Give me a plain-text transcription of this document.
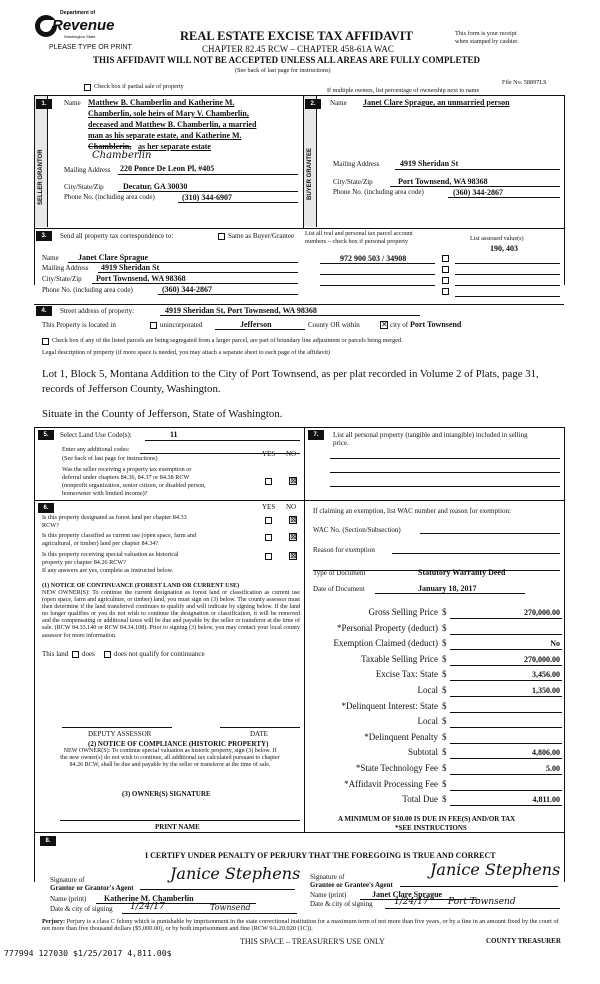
Department of
Revenue
Washington State
PLEASE TYPE OR PRINT
REAL ESTATE EXCISE TAX AFFIDAVIT
CHAPTER 82.45 RCW – CHAPTER 458-61A WAC
THIS AFFIDAVIT WILL NOT BE ACCEPTED UNLESS ALL AREAS ARE FULLY COMPLETED
(See back of last page for instructions)
This form is your receipt
when stamped by cashier.
File No. 58897LS
Check box if partial sale of property
If multiple owners, list percentage of ownership next to name
1.
SELLER GRANTOR
Name Matthew B. Chamberlin and Katherine M.
Chamberlin, sole heirs of Mary V. Chamberlin,
deceased and Matthew B. Chamberlin, a married
man as his separate estate, and Katherine M.
Chamblerin, as her separate estate
Chamberlin
Mailing Address 220 Ponce De Leon Pl, #405
City/State/Zip Decatur, GA 30030
Phone No. (including area code)	(310) 344-6907
2.
BUYER GRANTEE
Name Janet Clare Sprague, an unmarried person
Mailing Address	4919 Sheridan St
City/State/Zip	Port Townsend, WA 98368
Phone No. (including area code)	(360) 344-2867
3.	Send all property tax correspondence to:	Same as Buyer/Grantee List all real and personal tax parcel account
numbers – check box if personal property	List assessed value(s)
Name Janet Clare Sprague
Mailing Address 4919 Sheridan St
City/State/Zip Port Townsend, WA 98368
Phone No. (including area code)	(360) 344-2867
972 900 503 / 34908
190, 403
4.	Street address of property:	4919 Sheridan St, Port Townsend, WA 98368
This Property is located in	unincorporated	Jefferson	County OR within	✕ city of Port Townsend
Check box if any of the listed parcels are being segregated from a larger parcel, are part of boundary line adjustment or parcels being merged.
Legal description of property (if more space is needed, you may attach a separate sheet to each page of the affidavit)
Lot 1, Block 5, Montana Addition to the City of Port Townsend, as per plat recorded in Volume 2 of Plats, page 31,
records of Jefferson County, Washington.
Situate in the County of Jefferson, State of Washington.
5.	Select Land Use Code(s):	11
Enter any additional codes:
(See back of last page for instructions)
YES NO
Was the seller receiving a property tax exemption or
deferral under chapters 84.36, 84.37 or 84.38 RCW
(nonprofit organization, senior citizen, or disabled person,
homeowner with limited income)?
⊠
6.	YES NO
Is this property designated as forest land per chapter 84.33
RCW?
⊠
Is this property classified as current use (open space, farm and
agricultural, or timber) land per chapter 84.34?
⊠
Is this property receiving special valuation as historical
property per chapter 84.26 RCW?
⊠
If any answers are yes, complete as instructed below.
(1) NOTICE OF CONTINUANCE (FOREST LAND OR CURRENT USE)
NEW OWNER(S): To continue the current designation as forest land or classification as current use (open space, farm and agriculture, or timber) land, you must sign on (3) below. The county assessor must then determine if the land transferred continues to qualify and will indicate by signing below. If the land no longer qualifies or you do not wish to continue the designation or classification, it will be removed and the compensating or additional taxes will be due and payable by the seller or transferor at the time of sale. (RCW 84.33.140 or RCW 84.34.108). Prior to signing (3) below, you may contact your local county assessor for more information.
This land does	does not qualify for continuance
DEPUTY ASSESSOR	DATE
(2) NOTICE OF COMPLIANCE (HISTORIC PROPERTY)
NEW OWNER(S): To continue special valuation as historic property, sign (3) below. If the new owner(s) do not wish to continue, all additional tax calculated pursuant to chapter 84.26 RCW, shall be due and payable by the seller or transferor at the time of sale.
(3) OWNER(S) SIGNATURE
PRINT NAME
7.	List all personal property (tangible and intangible) included in selling
price.
If claiming an exemption, list WAC number and reason for exemption:
WAC No. (Section/Subsection)
Reason for exemption
Type of Document	Statutory Warranty Deed
Date of Document	January 18, 2017
Gross Selling Price $	270,000.00
*Personal Property (deduct) $
Exemption Claimed (deduct) $	No
Taxable Selling Price $	270,000.00
Excise Tax: State $	3,456.00
Local $	1,350.00
*Delinquent Interest: State $
Local $
*Delinquent Penalty $
Subtotal $	4,806.00
*State Technology Fee $	5.00
*Affidavit Processing Fee $
Total Due $	4,811.00
A MINIMUM OF $10.00 IS DUE IN FEE(S) AND/OR TAX
*SEE INSTRUCTIONS
8.
I CERTIFY UNDER PENALTY OF PERJURY THAT THE FOREGOING IS TRUE AND CORRECT
Signature of
Grantor or Grantor's Agent
Janice Stephens
Name (print) Katherine M. Chamberlin
Date & city of signing 1/24/17	Townsend
Signature of
Grantee or Grantee's Agent
Janice Stephens
Name (print)	Janet Clare Sprague
Date & city of signing 1/24/17 Port Townsend
Perjury: Perjury is a class C felony which is punishable by imprisonment in the state correctional institution for a maximum term of not more than five years, or by a fine in an amount fixed by the court of not more than five thousand dollars ($5,000.00), or by both imprisonment and fine (RCW 9A.20.020 (1C)).
THIS SPACE – TREASURER'S USE ONLY	COUNTY TREASURER
777994 127030 $1/25/2017 4,811.00$
